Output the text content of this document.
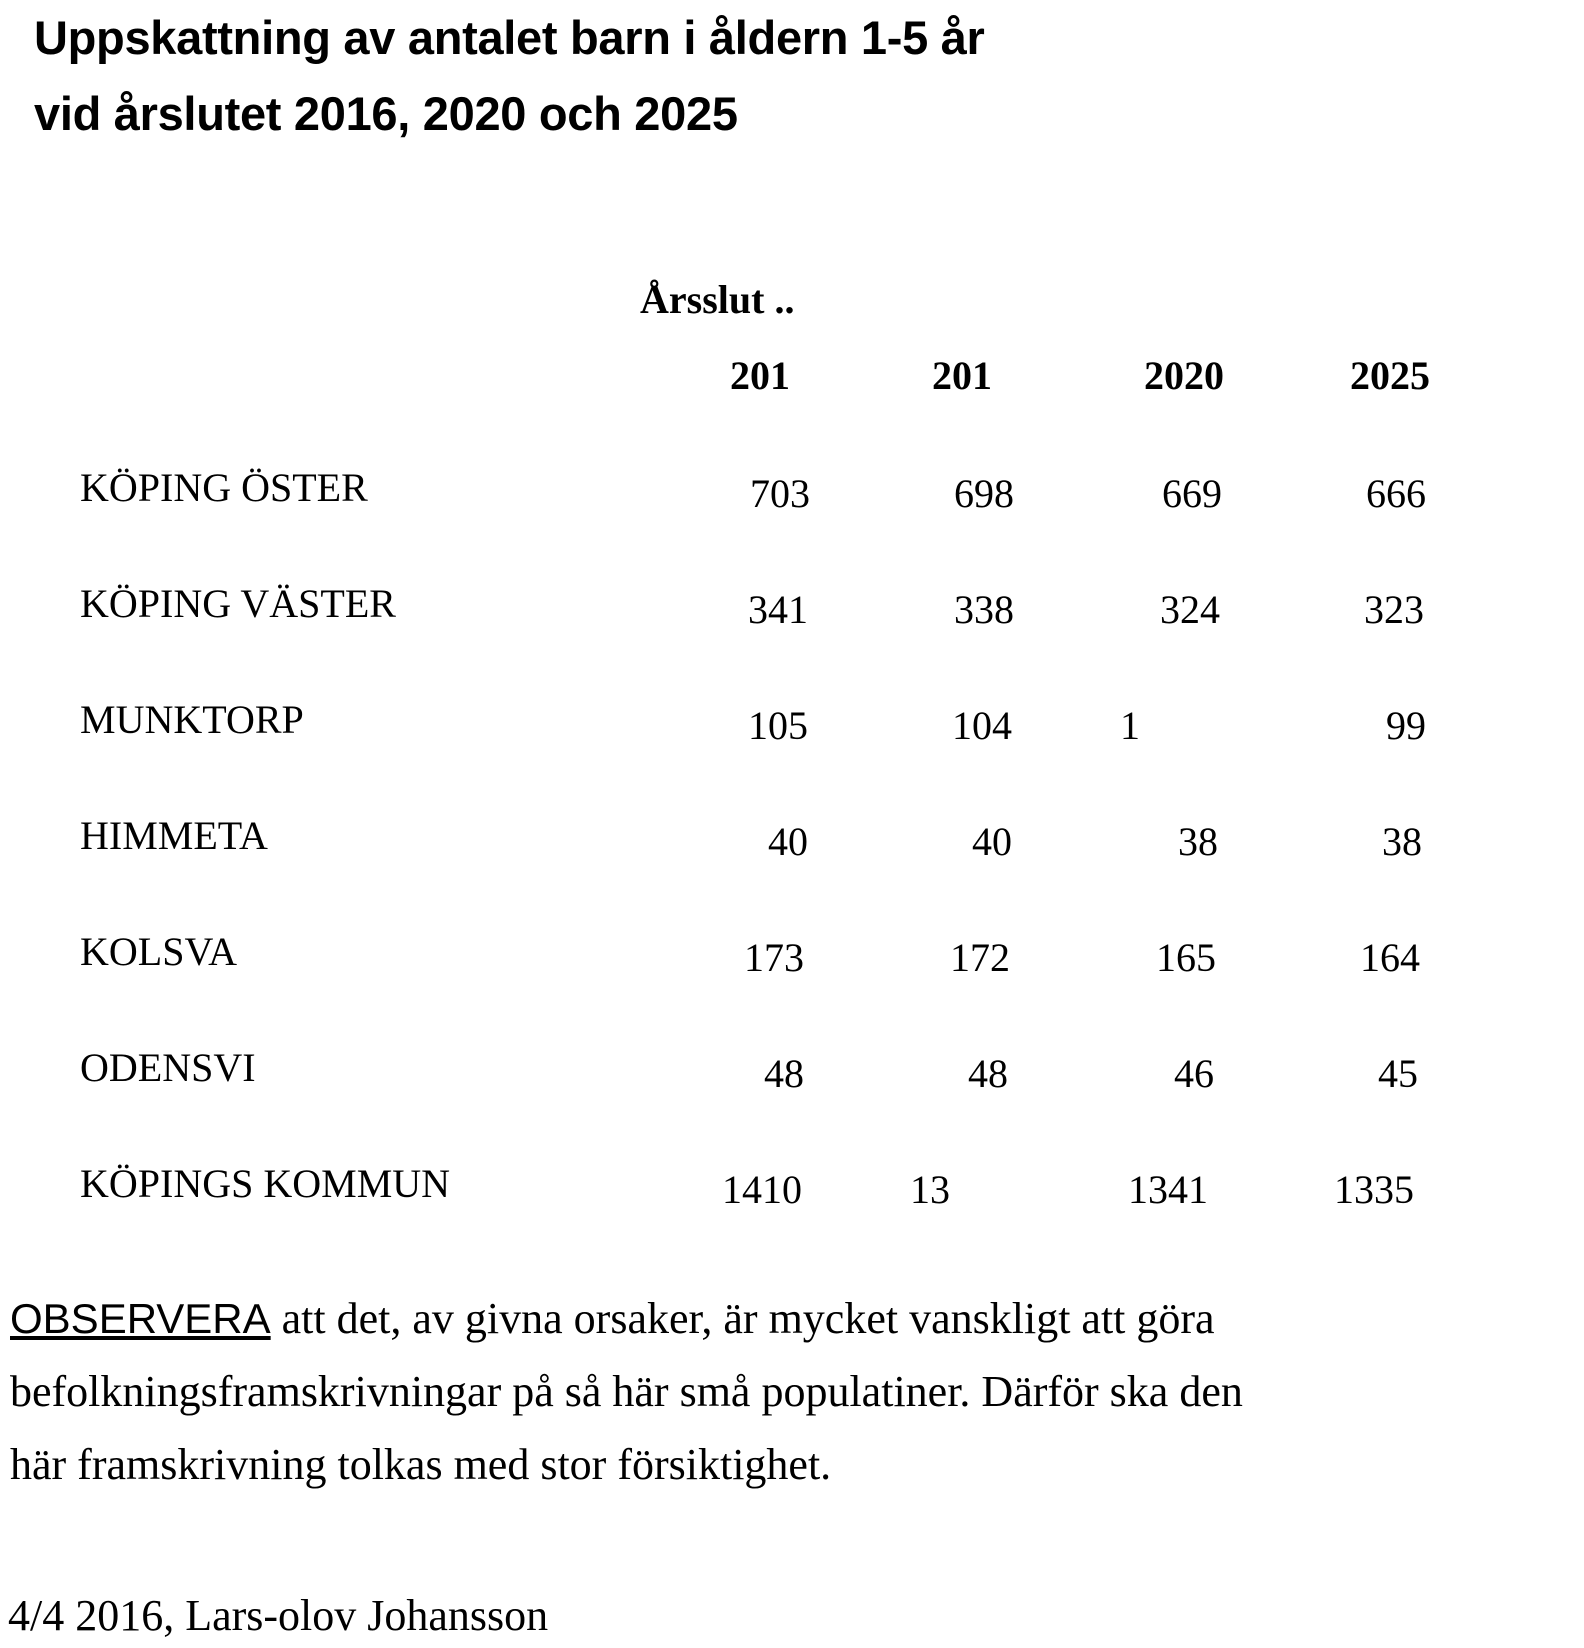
Uppskattning av antalet barn i åldern 1-5 år
vid årslutet 2016, 2020 och 2025
Årsslut ..
201	201	2020	2025
KÖPING ÖSTER	703	698	669	666
KÖPING VÄSTER	341	338	324	323
MUNKTORP	105	104	1	99
HIMMETA	40	40	38	38
KOLSVA	173	172	165	164
ODENSVI	48	48	46	45
KÖPINGS KOMMUN	1410	13	1341	1335
OBSERVERA att det, av givna orsaker, är mycket vanskligt att göra
befolkningsframskrivningar på så här små populatiner. Därför ska den
här framskrivning tolkas med stor försiktighet.
4/4 2016, Lars-olov Johansson
